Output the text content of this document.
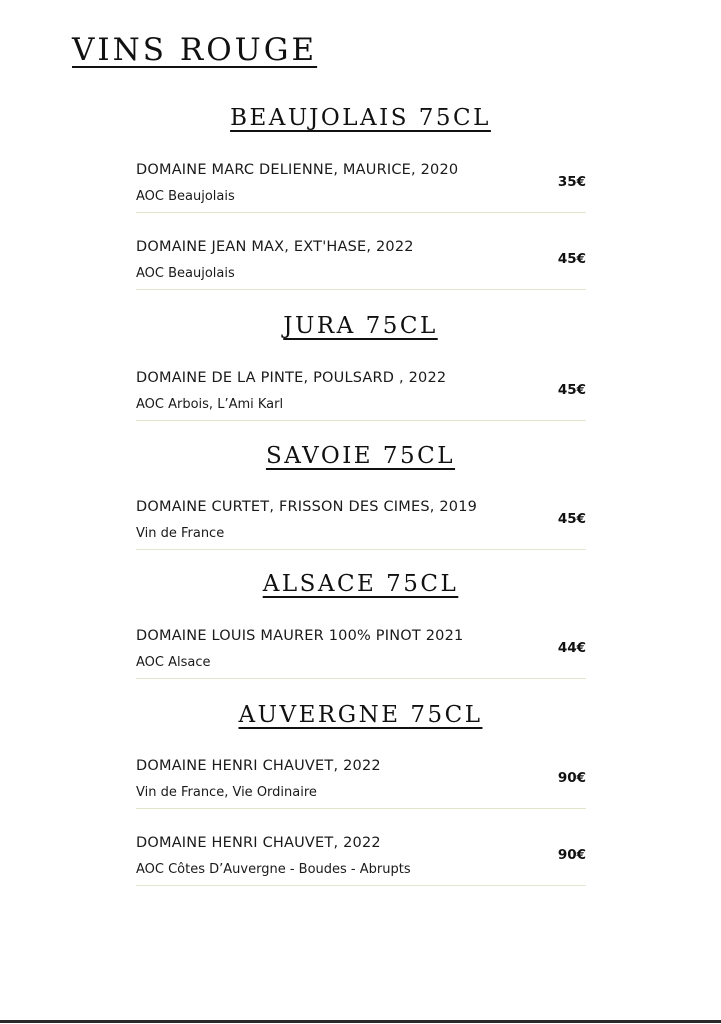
VINS ROUGE
BEAUJOLAIS 75CL
DOMAINE MARC DELIENNE, MAURICE, 2020
AOC Beaujolais
35€
DOMAINE JEAN MAX, EXT'HASE, 2022
AOC Beaujolais
45€
JURA 75CL
DOMAINE DE LA PINTE, POULSARD , 2022
AOC Arbois, L’Ami Karl
45€
SAVOIE 75CL
DOMAINE CURTET, FRISSON DES CIMES, 2019
Vin de France
45€
ALSACE 75CL
DOMAINE LOUIS MAURER 100% PINOT 2021
AOC Alsace
44€
AUVERGNE 75CL
DOMAINE HENRI CHAUVET, 2022
Vin de France, Vie Ordinaire
90€
DOMAINE HENRI CHAUVET, 2022
AOC Côtes D’Auvergne - Boudes - Abrupts
90€
